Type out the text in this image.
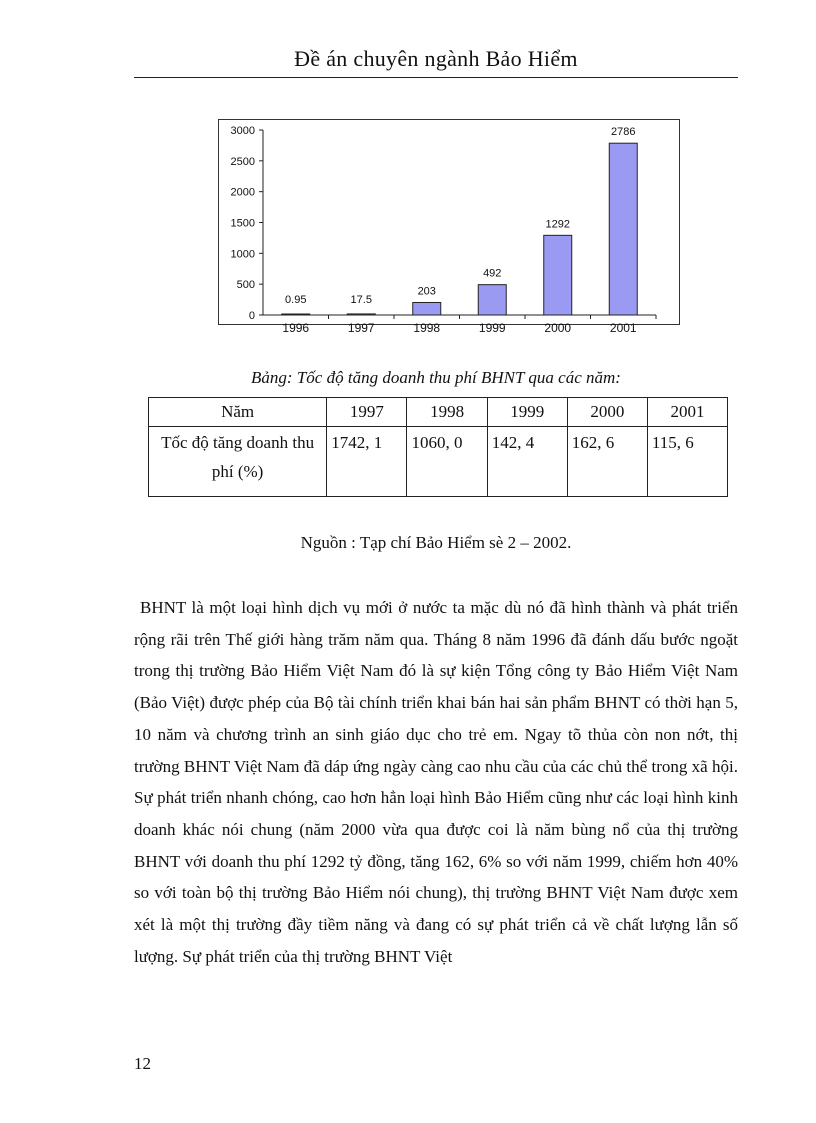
Đề án chuyên ngành Bảo Hiểm
0
500
1000
1500
2000
2500
3000
0.95	17.5
203
492
1292
2786
1996	1997	1998	1999	2000	2001
Bảng: Tốc độ tăng doanh thu phí BHNT qua các năm:
Năm	1997	1998	1999	2000	2001
Tốc độ tăng doanh thu phí (%)	1742, 1	1060, 0	142, 4	162, 6	115, 6
Nguồn : Tạp chí Bảo Hiểm sè 2 – 2002.

BHNT là một loại hình dịch vụ mới ở nước ta mặc dù nó đã hình thành và phát triển rộng rãi trên Thế giới hàng trăm năm qua. Tháng 8 năm 1996 đã đánh dấu bước ngoặt trong thị trường Bảo Hiểm Việt Nam đó là sự kiện Tổng công ty Bảo Hiểm Việt Nam (Bảo Việt) được phép của Bộ tài chính triển khai bán hai sản phẩm BHNT có thời hạn 5, 10 năm và chương trình an sinh giáo dục cho trẻ em. Ngay tõ thủa còn non nớt, thị trường BHNT Việt Nam đã dáp ứng ngày càng cao nhu cầu của các chủ thể trong xã hội. Sự phát triển nhanh chóng, cao hơn hẳn loại hình Bảo Hiểm cũng như các loại hình kinh doanh khác nói chung (năm 2000 vừa qua được coi là năm bùng nổ của thị trường BHNT với doanh thu phí 1292 tỷ đồng, tăng 162, 6% so với năm 1999, chiếm hơn 40% so với toàn bộ thị trường Bảo Hiểm nói chung), thị trường BHNT Việt Nam được xem xét là một thị trường đầy tiềm năng và đang có sự phát triển cả về chất lượng lẫn số lượng. Sự phát triển của thị trường BHNT Việt

12
